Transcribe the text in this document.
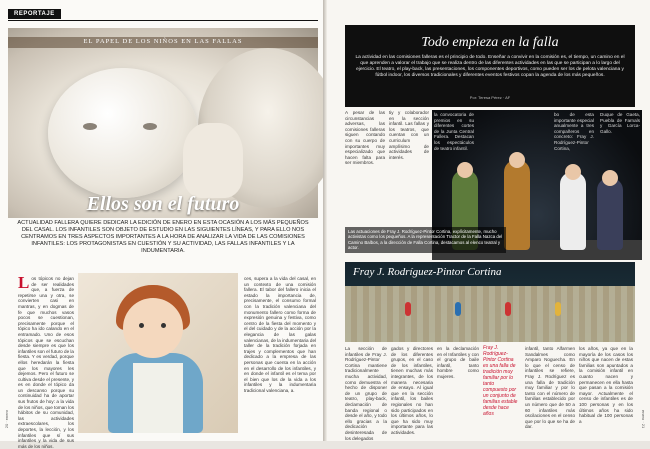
REPORTAJE
EL PAPEL DE LOS NIÑOS EN LAS FALLAS
Ellos son el futuro
ACTUALIDAD FALLERA QUIERE DEDICAR LA EDICIÓN DE ENERO EN ESTA OCASIÓN A LOS MÁS PEQUEÑOS DEL CASAL. LOS INFANTILES SON OBJETO DE ESTUDIO EN LAS SIGUIENTES LÍNEAS, Y PARA ELLO NOS CENTRAMOS EN TRES ASPECTOS IMPORTANTES A LA HORA DE ANALIZAR LA VIDA DE LAS COMISIONES INFANTILES: LOS PROTAGONISTAS EN CUESTIÓN Y SU ACTIVIDAD, LAS FALLAS INFANTILES Y LA INDUMENTARIA.
L os tópicos no dejan de ser realidades que, a fuerza de repetirse una y otra, se convierten casi en mantras, y en dogmas de fe que muchos vasos pocos se cuestionan, precisamente porque el tópico ha ido calando en el entramado. Uno de esos tópicos que se escuchan desde siempre es que los infantiles son el futuro de la fiesta. Y es verdad, porque ellos heredarán la fiesta que los mayores les dejemos. Pero el futuro se cultiva desde el presente, y es en donde el tópico da un descanso porque su continuidad ha de aportar sus frutos de hoy: a la vida de los niños, que toman los hábitos de su comunidad, las actividades extraescolares, los deportes, la lección, y los infantiles que sí sus infantiles y la vida de sus más de los niños.
ces, supera a la vida del casal, en un contexto de una comisión fallera. El tabor del fallero inicia el estado la importancia de, precisamente, el consumo formal con la tradición valenciana del monumento fallero como forma de expresión genuina y festiva, como centro de la fiesta del momento y el del cuidado y de la acción por la elegancia de las galas valencianas, de la indumentaria del taller de la tradición forjada en trajes y complementos que han dedicado a la empresa de las personas que cuenta en la acción en el desarrollo de los infantiles, y en donde el infantil es el tema por el bien que los de la vida a los infantiles y la indumentaria tradicional valenciana, a.
20 · enero
Todo empieza en la falla
La actividad en las comisiones falleras es el principio de todo. Enseñar a convivir en la comisión es, el tiempo, un camino en el que aprenden a valorar el trabajo que se realiza dentro de las diferentes actividades en las que se participan a lo largo del ejercicio. El teatro, el play-back, las presentaciones, los componentes deportivos, como pueden ser los de pelota valenciana y fútbol indoor, los diversos tradicionales y diferentes eventos festivos copan la agenda de los más pequeños.
Por: Teresa Pérez · AF
A pesar de las circunstancias adversas, las comisiones falleras siguen contando con su cuerpo de importantes muy especializado que hacen falta para ser miembros.
tiy y colaborador en la sección infantil. Las fallas y los teatros, que cuentan con un curriculum amplísimo de actividades de interés.
la convocatoria de premios en su diferentes cortes de la Junta Central Fallera. Destacan los espectáculos de teatro infantil.
bo de esta importante especial anualmente a tres compañeros en concreto: Fray J. Rodríguez-Pintor Cortina,
Duque de Gaeta, Puebla de Farnals y García Lorca-Gallo.
Las actuaciones de Fray J. Rodríguez-Pintor Cortina, explícitamente, mucho activistas como los pequeños. A la representación Tractor de la Falla Nazca del Camino Balbos, a la dirección de Falla Cortina, destacamos al elenco teatral y actor.
Fray J. Rodríguez-Pintor Cortina
La sección de infantiles de Fray J. Rodríguez-Pintor Cortina mantiene tradicionalmente mucha actividad, como demuestra el hecho de disponer de un grupo de teatro, play-back, declamación de banda regional o desde el año, y todo ello gracias a la dedicación desinteresada de los delegados
gados y directores de los diferentes grupos, en el caso de los infantiles, tienen muchas más integrantes, de los manera necesaria de ensayo. Al igual que en la sección infantil, los bailes regionales no han sido participados en los últimos años, lo que ha sido muy importante para las actividades.
en la declamación en el Infantiles y con el grupo de baile infantil, tanto hombre como mujeres.
Fray J. Rodríguez-Pintor Cortina es una falla de tradición muy familiar por lo tanto compuesto por un conjunto de familias estable desde hace años
infantil, tanto Alfarmen Sandalmes como Amparo Noguecha. En lo que el censo de infantiles se refiere, Fray J. Rodríguez es una falla de tradición muy familiar y por lo tanto con el número de familias establecido por un número que de 50 a 60 infantiles más oscilaciones en el censo que por lo que se ha de dar.
los años, ya que en la mayoría de los casos los niños que nacen de estas familias son apuntados a la comisión infantil en cuanto nacen y permanecen en ella hasta que pasan a la comisión mayor. Actualmente el censo de infantiles es de 100 personas y en los últimos años ha sido habitual de 100 personas a	enero · 21
